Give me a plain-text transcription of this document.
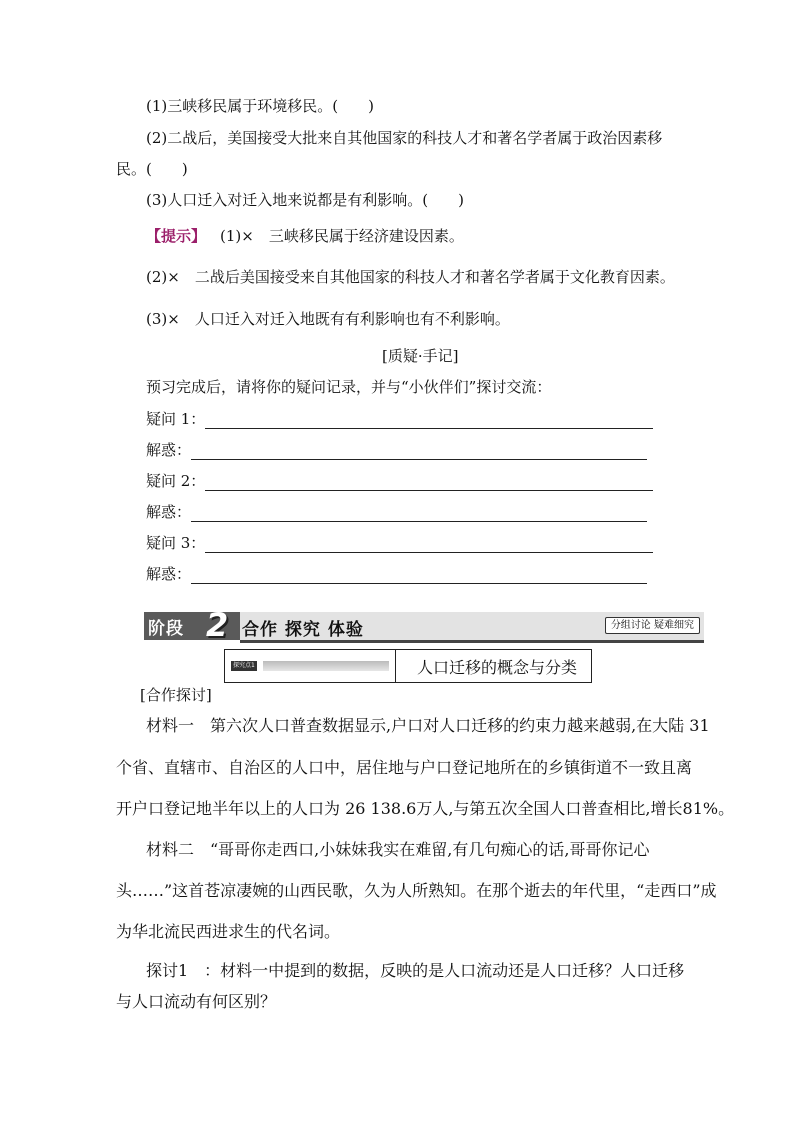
(1)三峡移民属于环境移民。(　　)
(2)二战后，美国接受大批来自其他国家的科技人才和著名学者属于政治因素移
民。(　　)
(3)人口迁入对迁入地来说都是有利影响。(　　)
【提示】 (1)×　三峡移民属于经济建设因素。
(2)×　二战后美国接受来自其他国家的科技人才和著名学者属于文化教育因素。
(3)×　人口迁入对迁入地既有有利影响也有不利影响。
[质疑·手记]
预习完成后，请将你的疑问记录，并与“小伙伴们”探讨交流：
疑问 1：
解惑：
疑问 2：
解惑：
疑问 3：
解惑：
阶段 2 合作 探究 体验	分组讨论 疑难细究
探究点1	人口迁移的概念与分类
[合作探讨]
材料一　第六次人口普查数据显示,户口对人口迁移的约束力越来越弱,在大陆 31
个省、直辖市、自治区的人口中，居住地与户口登记地所在的乡镇街道不一致且离
开户口登记地半年以上的人口为 26 138.6万人,与第五次全国人口普查相比,增长81%。
材料二　“哥哥你走西口,小妹妹我实在难留,有几句痴心的话,哥哥你记心
头……”这首苍凉凄婉的山西民歌，久为人所熟知。在那个逝去的年代里，“走西口”成
为华北流民西进求生的代名词。
探讨1　：材料一中提到的数据，反映的是人口流动还是人口迁移？人口迁移
与人口流动有何区别？
